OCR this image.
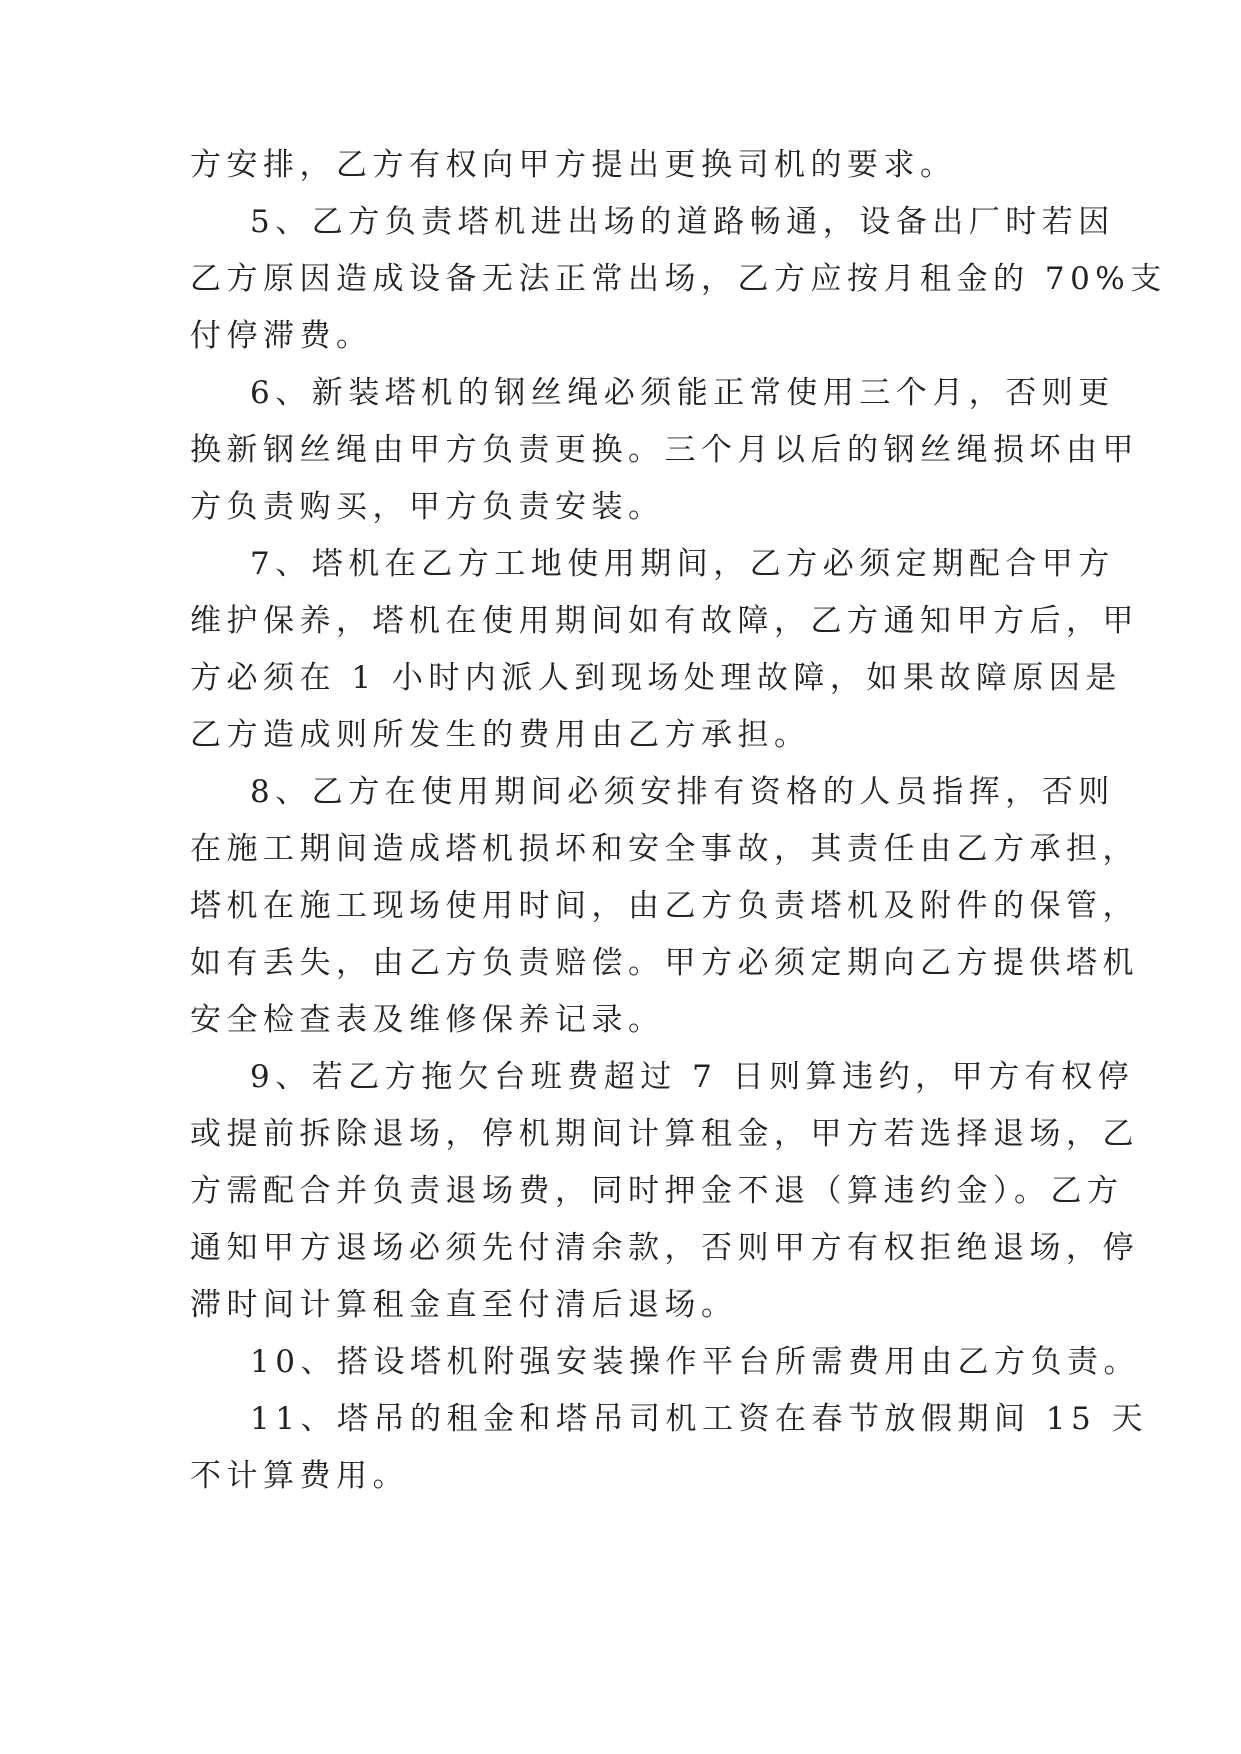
方安排，乙方有权向甲方提出更换司机的要求。
5、乙方负责塔机进出场的道路畅通，设备出厂时若因
乙方原因造成设备无法正常出场，乙方应按月租金的 70%支
付停滞费。
6、新装塔机的钢丝绳必须能正常使用三个月，否则更
换新钢丝绳由甲方负责更换。三个月以后的钢丝绳损坏由甲
方负责购买，甲方负责安装。
7、塔机在乙方工地使用期间，乙方必须定期配合甲方
维护保养，塔机在使用期间如有故障，乙方通知甲方后，甲
方必须在 1 小时内派人到现场处理故障，如果故障原因是
乙方造成则所发生的费用由乙方承担。
8、乙方在使用期间必须安排有资格的人员指挥，否则
在施工期间造成塔机损坏和安全事故，其责任由乙方承担，
塔机在施工现场使用时间，由乙方负责塔机及附件的保管，
如有丢失，由乙方负责赔偿。甲方必须定期向乙方提供塔机
安全检查表及维修保养记录。
9、若乙方拖欠台班费超过 7 日则算违约，甲方有权停
或提前拆除退场，停机期间计算租金，甲方若选择退场，乙
方需配合并负责退场费，同时押金不退（算违约金）。乙方
通知甲方退场必须先付清余款，否则甲方有权拒绝退场，停
滞时间计算租金直至付清后退场。
10、搭设塔机附强安装操作平台所需费用由乙方负责。
11、塔吊的租金和塔吊司机工资在春节放假期间 15 天
不计算费用。
